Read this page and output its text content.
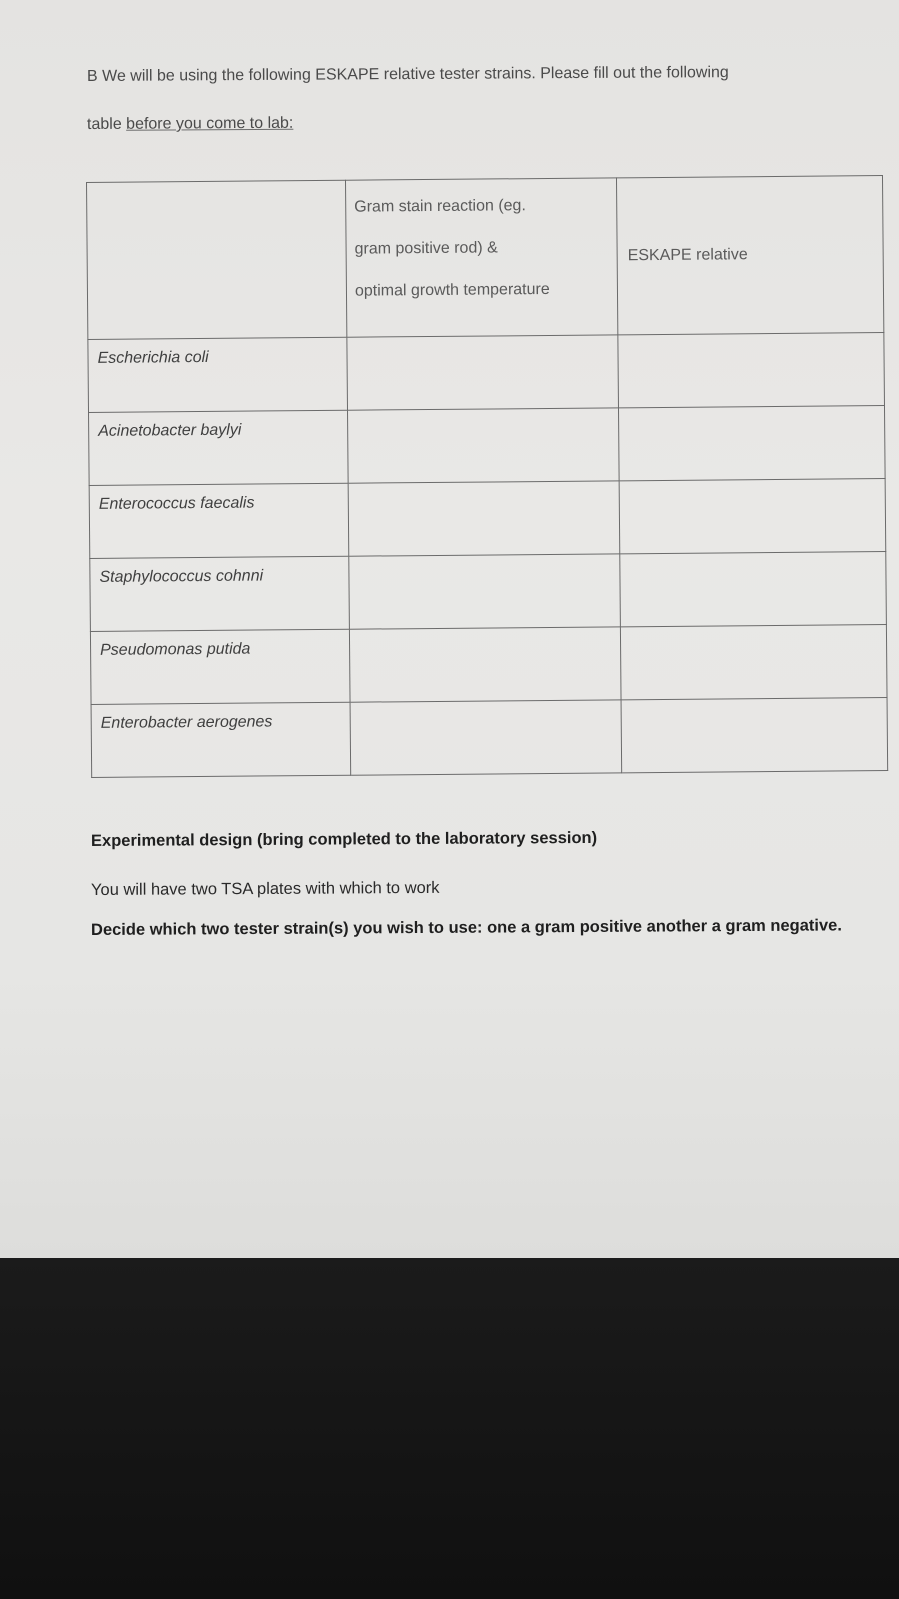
B We will be using the following ESKAPE relative tester strains. Please fill out the following

table before you come to lab:

	Gram stain reaction (eg.
gram positive rod) &
optimal growth temperature	ESKAPE relative

Escherichia coli		

Acinetobacter baylyi		

Enterococcus faecalis		

Staphylococcus cohnni		

Pseudomonas putida		

Enterobacter aerogenes		

Experimental design (bring completed to the laboratory session)

You will have two TSA plates with which to work

Decide which two tester strain(s) you wish to use: one a gram positive another a gram negative.
